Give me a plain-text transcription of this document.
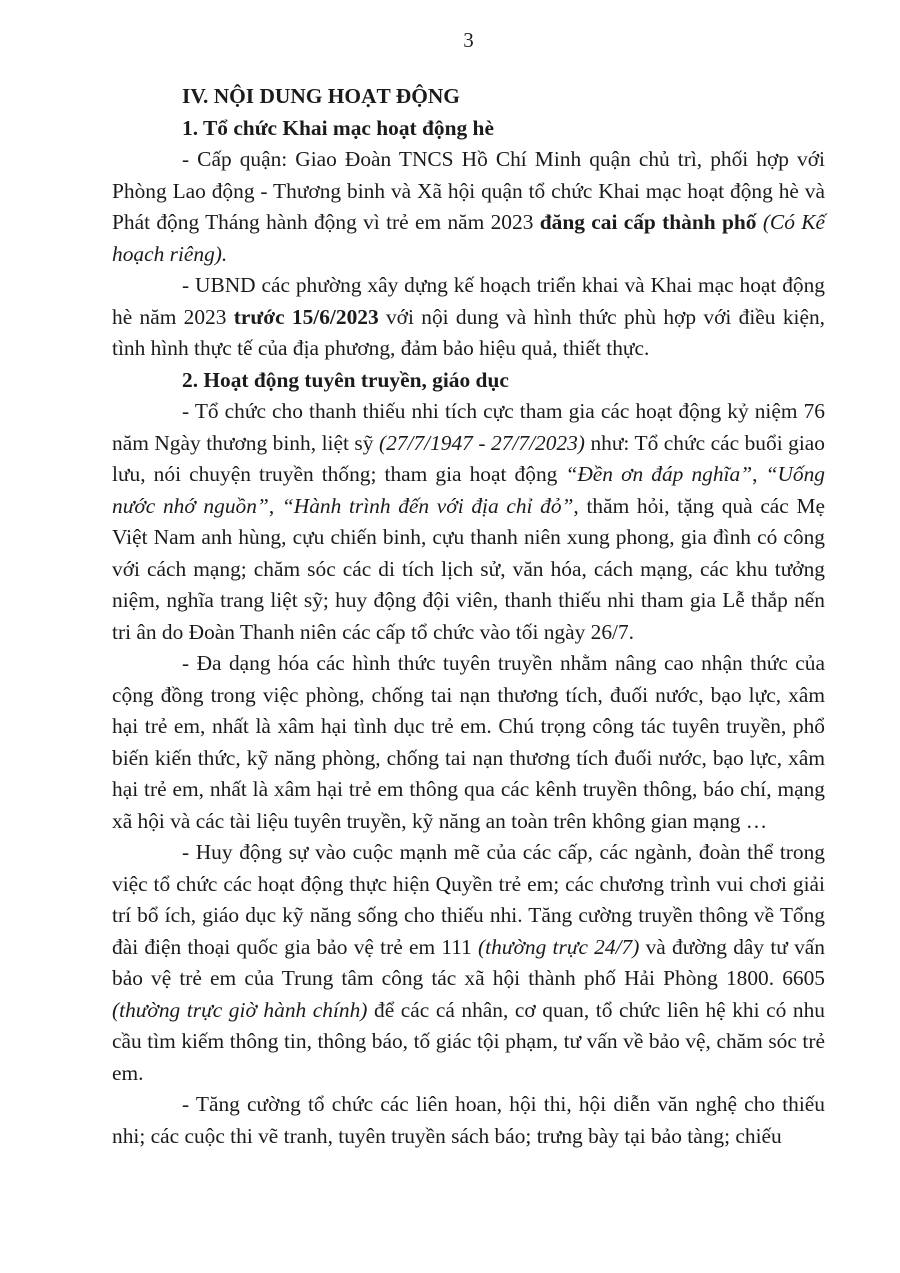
3

IV. NỘI DUNG HOẠT ĐỘNG

1. Tổ chức Khai mạc hoạt động hè

- Cấp quận: Giao Đoàn TNCS Hồ Chí Minh quận chủ trì, phối hợp với Phòng Lao động - Thương binh và Xã hội quận tổ chức Khai mạc hoạt động hè và Phát động Tháng hành động vì trẻ em năm 2023 đăng cai cấp thành phố (Có Kế hoạch riêng).

- UBND các phường xây dựng kế hoạch triển khai và Khai mạc hoạt động hè năm 2023 trước 15/6/2023 với nội dung và hình thức phù hợp với điều kiện, tình hình thực tế của địa phương, đảm bảo hiệu quả, thiết thực.

2. Hoạt động tuyên truyền, giáo dục

- Tổ chức cho thanh thiếu nhi tích cực tham gia các hoạt động kỷ niệm 76 năm Ngày thương binh, liệt sỹ (27/7/1947 - 27/7/2023) như: Tổ chức các buổi giao lưu, nói chuyện truyền thống; tham gia hoạt động “Đền ơn đáp nghĩa”, “Uống nước nhớ nguồn”, “Hành trình đến với địa chỉ đỏ”, thăm hỏi, tặng quà các Mẹ Việt Nam anh hùng, cựu chiến binh, cựu thanh niên xung phong, gia đình có công với cách mạng; chăm sóc các di tích lịch sử, văn hóa, cách mạng, các khu tưởng niệm, nghĩa trang liệt sỹ; huy động đội viên, thanh thiếu nhi tham gia Lễ thắp nến tri ân do Đoàn Thanh niên các cấp tổ chức vào tối ngày 26/7.

- Đa dạng hóa các hình thức tuyên truyền nhằm nâng cao nhận thức của cộng đồng trong việc phòng, chống tai nạn thương tích, đuối nước, bạo lực, xâm hại trẻ em, nhất là xâm hại tình dục trẻ em. Chú trọng công tác tuyên truyền, phổ biến kiến thức, kỹ năng phòng, chống tai nạn thương tích đuối nước, bạo lực, xâm hại trẻ em, nhất là xâm hại trẻ em thông qua các kênh truyền thông, báo chí, mạng xã hội và các tài liệu tuyên truyền, kỹ năng an toàn trên không gian mạng …

- Huy động sự vào cuộc mạnh mẽ của các cấp, các ngành, đoàn thể trong việc tổ chức các hoạt động thực hiện Quyền trẻ em; các chương trình vui chơi giải trí bổ ích, giáo dục kỹ năng sống cho thiếu nhi. Tăng cường truyền thông về Tổng đài điện thoại quốc gia bảo vệ trẻ em 111 (thường trực 24/7) và đường dây tư vấn bảo vệ trẻ em của Trung tâm công tác xã hội thành phố Hải Phòng 1800. 6605 (thường trực giờ hành chính) để các cá nhân, cơ quan, tổ chức liên hệ khi có nhu cầu tìm kiếm thông tin, thông báo, tố giác tội phạm, tư vấn về bảo vệ, chăm sóc trẻ em.

- Tăng cường tổ chức các liên hoan, hội thi, hội diễn văn nghệ cho thiếu nhi; các cuộc thi vẽ tranh, tuyên truyền sách báo; trưng bày tại bảo tàng; chiếu
